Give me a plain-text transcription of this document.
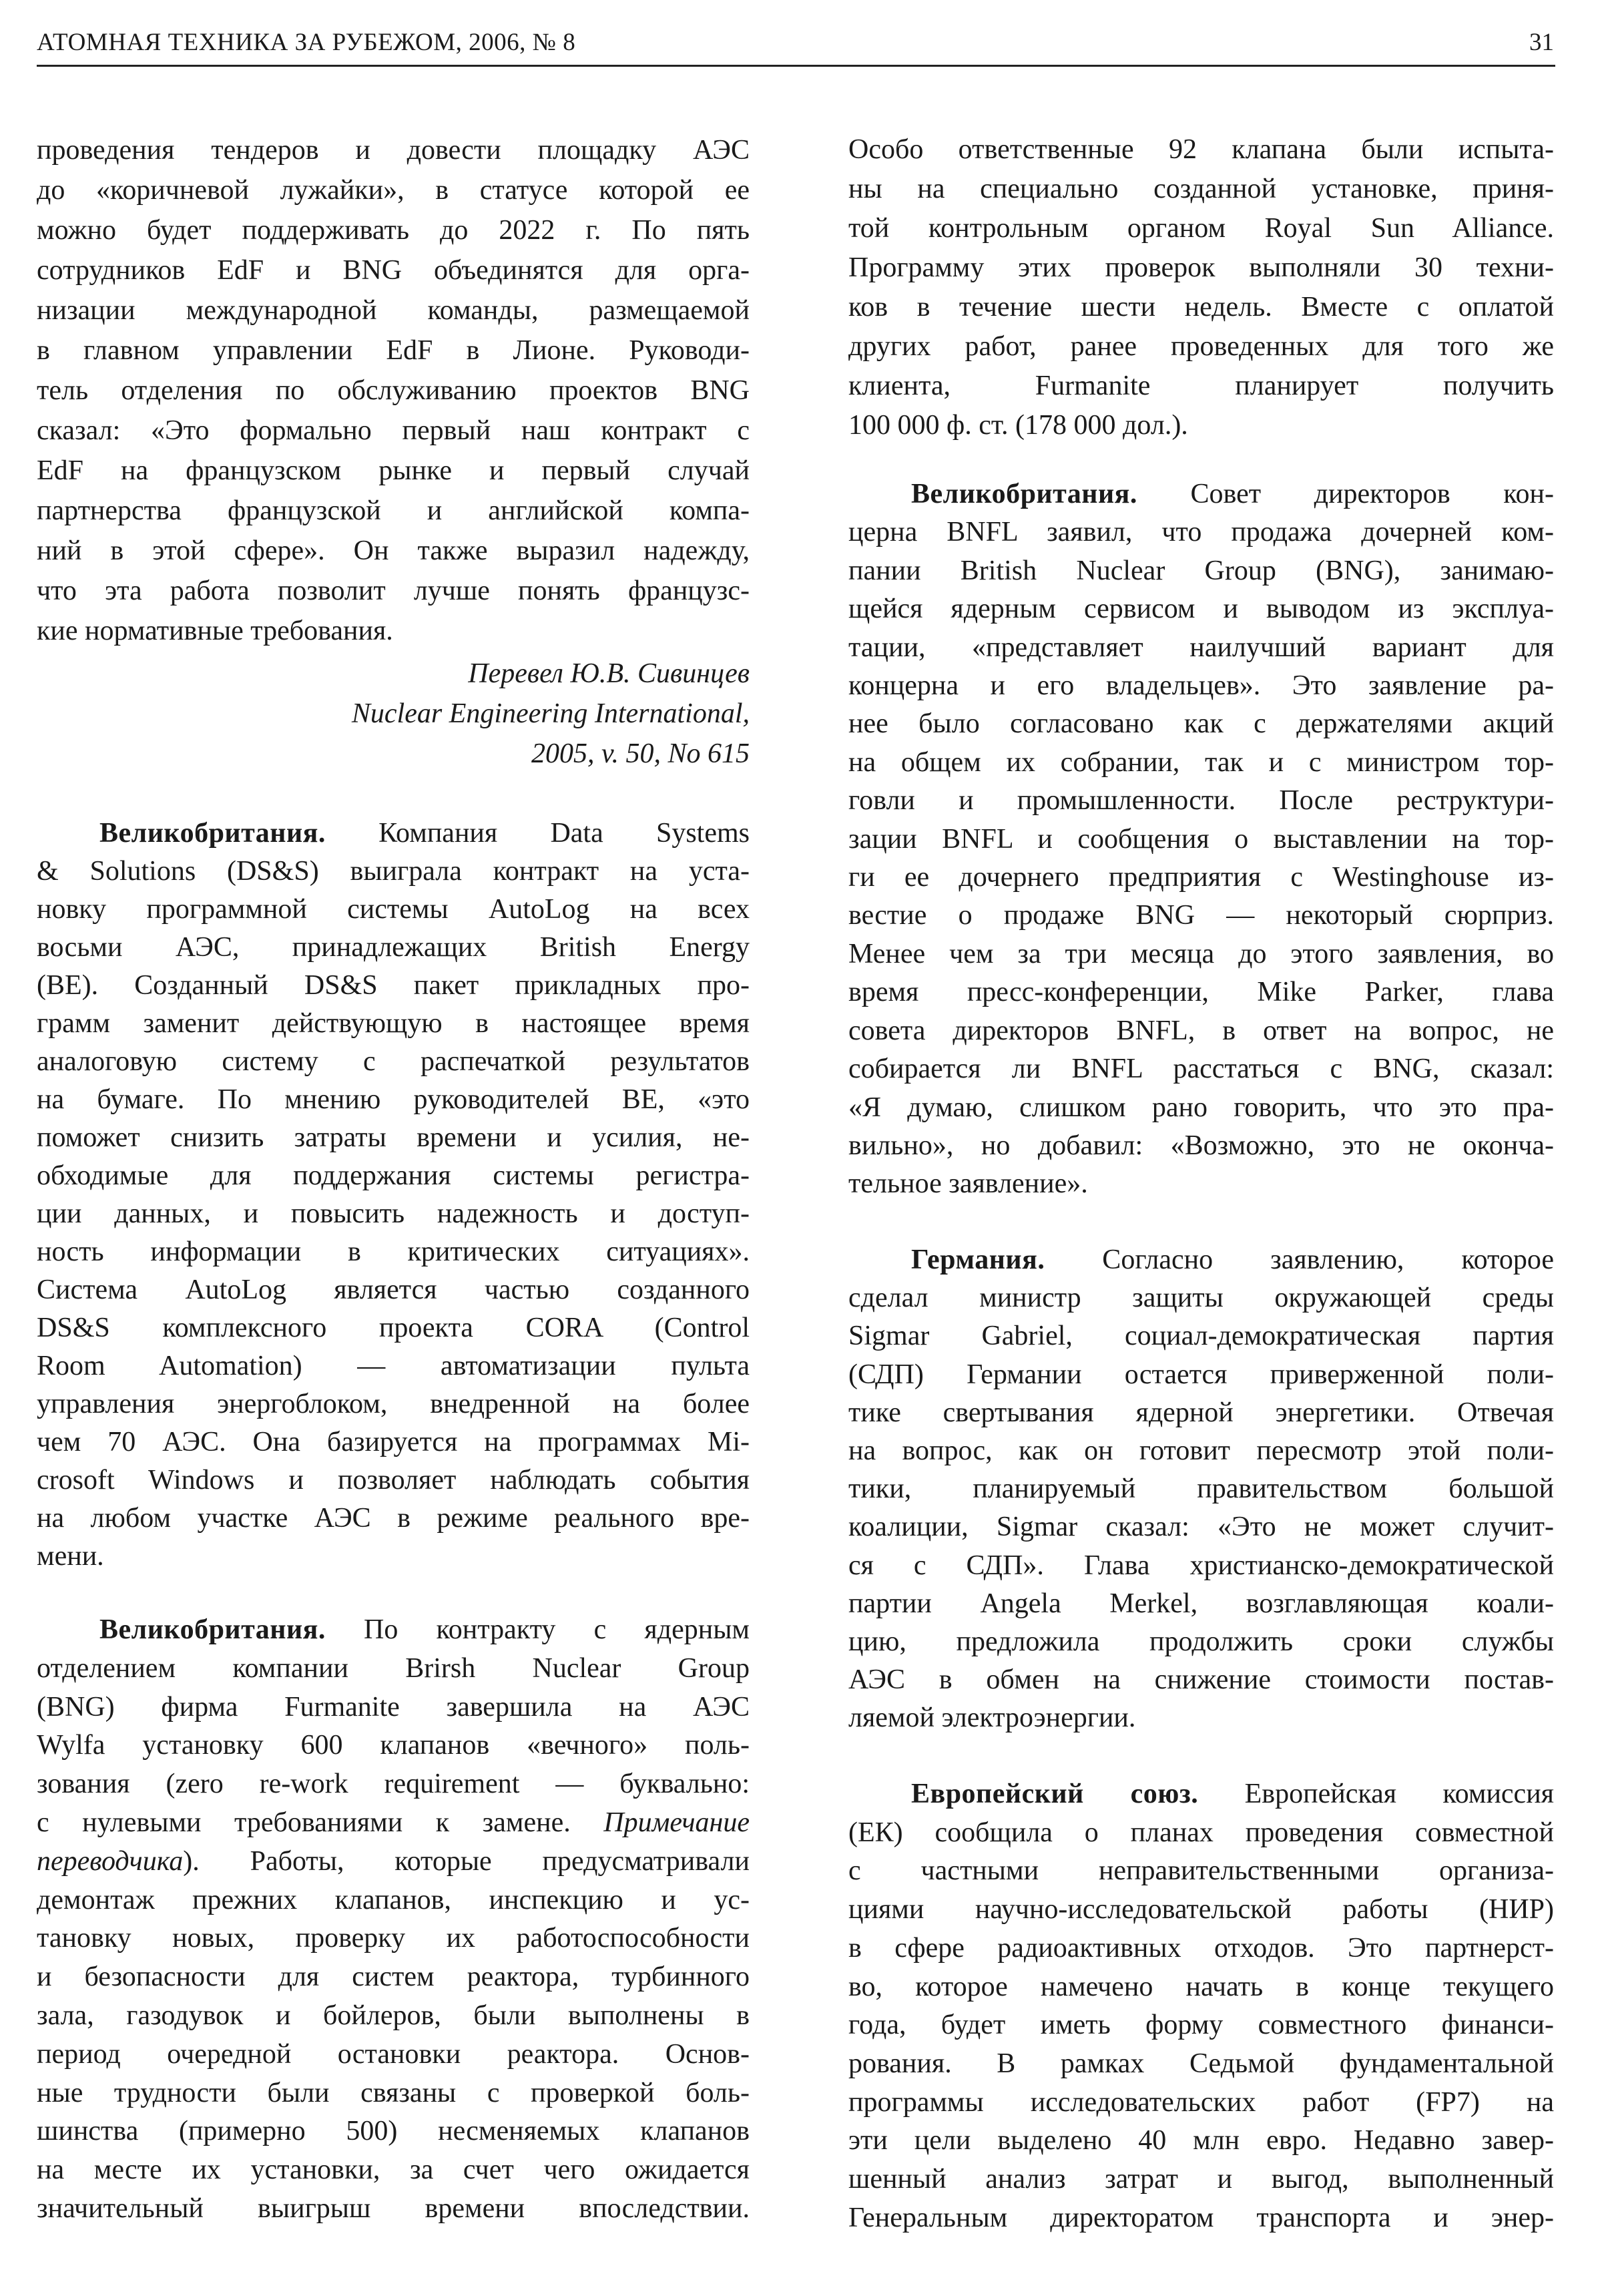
АТОМНАЯ ТЕХНИКА ЗА РУБЕЖОМ, 2006, № 8	31
проведения тендеров и довести площадку АЭС
до «коричневой лужайки», в статусе которой ее
можно будет поддерживать до 2022 г. По пять
сотрудников EdF и BNG объединятся для орга-
низации международной команды, размещаемой
в главном управлении EdF в Лионе. Руководи-
тель отделения по обслуживанию проектов BNG
сказал: «Это формально первый наш контракт с
EdF на французском рынке и первый случай
партнерства французской и английской компа-
ний в этой сфере». Он также выразил надежду,
что эта работа позволит лучше понять французс-
кие нормативные требования.
Перевел Ю.В. Сивинцев
Nuclear Engineering International,
2005, v. 50, No 615
Великобритания. Компания Data Systems
& Solutions (DS&S) выиграла контракт на уста-
новку программной системы AutoLog на всех
восьми АЭС, принадлежащих British Energy
(BE). Созданный DS&S пакет прикладных про-
грамм заменит действующую в настоящее время
аналоговую систему с распечаткой результатов
на бумаге. По мнению руководителей BE, «это
поможет снизить затраты времени и усилия, не-
обходимые для поддержания системы регистра-
ции данных, и повысить надежность и доступ-
ность информации в критических ситуациях».
Система AutoLog является частью созданного
DS&S комплексного проекта CORA (Control
Room Automation) — автоматизации пульта
управления энергоблоком, внедренной на более
чем 70 АЭС. Она базируется на программах Mi-
crosoft Windows и позволяет наблюдать события
на любом участке АЭС в режиме реального вре-
мени.
Великобритания. По контракту с ядерным
отделением компании Brirsh Nuclear Group
(BNG) фирма Furmanite завершила на АЭС
Wylfa установку 600 клапанов «вечного» поль-
зования (zero re-work requirement — буквально:
с нулевыми требованиями к замене. Примечание
переводчика). Работы, которые предусматривали
демонтаж прежних клапанов, инспекцию и ус-
тановку новых, проверку их работоспособности
и безопасности для систем реактора, турбинного
зала, газодувок и бойлеров, были выполнены в
период очередной остановки реактора. Основ-
ные трудности были связаны с проверкой боль-
шинства (примерно 500) несменяемых клапанов
на месте их установки, за счет чего ожидается
значительный выигрыш времени впоследствии.
Особо ответственные 92 клапана были испыта-
ны на специально созданной установке, приня-
той контрольным органом Royal Sun Alliance.
Программу этих проверок выполняли 30 техни-
ков в течение шести недель. Вместе с оплатой
других работ, ранее проведенных для того же
клиента, Furmanite планирует получить
100 000 ф. ст. (178 000 дол.).
Великобритания. Совет директоров кон-
церна BNFL заявил, что продажа дочерней ком-
пании British Nuclear Group (BNG), занимаю-
щейся ядерным сервисом и выводом из эксплуа-
тации, «представляет наилучший вариант для
концерна и его владельцев». Это заявление ра-
нее было согласовано как с держателями акций
на общем их собрании, так и с министром тор-
говли и промышленности. После реструктури-
зации BNFL и сообщения о выставлении на тор-
ги ее дочернего предприятия с Westinghouse из-
вестие о продаже BNG — некоторый сюрприз.
Менее чем за три месяца до этого заявления, во
время пресс-конференции, Mike Parker, глава
совета директоров BNFL, в ответ на вопрос, не
собирается ли BNFL расстаться с BNG, сказал:
«Я думаю, слишком рано говорить, что это пра-
вильно», но добавил: «Возможно, это не оконча-
тельное заявление».
Германия. Согласно заявлению, которое
сделал министр защиты окружающей среды
Sigmar Gabriel, социал-демократическая партия
(СДП) Германии остается приверженной поли-
тике свертывания ядерной энергетики. Отвечая
на вопрос, как он готовит пересмотр этой поли-
тики, планируемый правительством большой
коалиции, Sigmar сказал: «Это не может случит-
ся с СДП». Глава христианско-демократической
партии Angela Merkel, возглавляющая коали-
цию, предложила продолжить сроки службы
АЭС в обмен на снижение стоимости постав-
ляемой электроэнергии.
Европейский союз. Европейская комиссия
(ЕК) сообщила о планах проведения совместной
с частными неправительственными организа-
циями научно-исследовательской работы (НИР)
в сфере радиоактивных отходов. Это партнерст-
во, которое намечено начать в конце текущего
года, будет иметь форму совместного финанси-
рования. В рамках Седьмой фундаментальной
программы исследовательских работ (FP7) на
эти цели выделено 40 млн евро. Недавно завер-
шенный анализ затрат и выгод, выполненный
Генеральным директоратом транспорта и энер-
